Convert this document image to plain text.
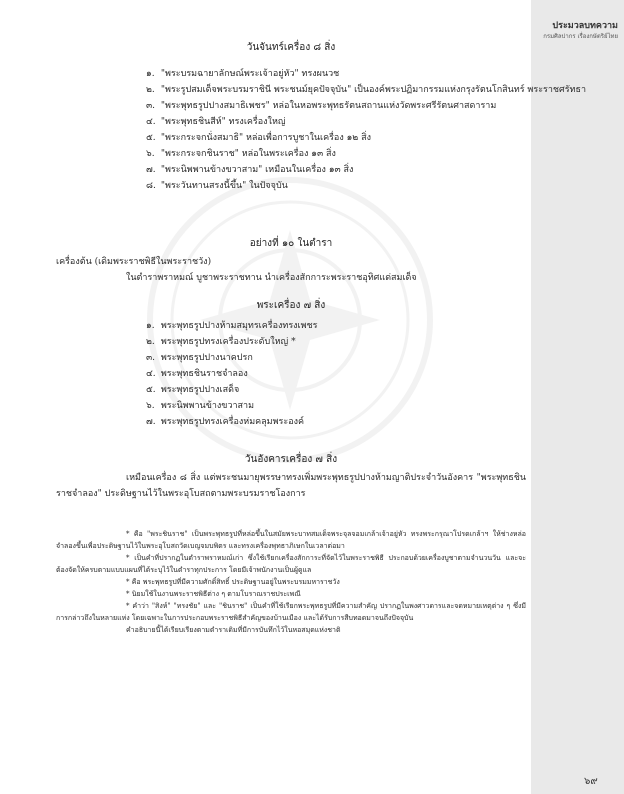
ประมวลบทความ
กรมศิลปากร เรื่องกษัตริย์ไทย
วันจันทร์เครื่อง ๘ สิ่ง
๑. "พระบรมฉายาลักษณ์พระเจ้าอยู่หัว" ทรงผนวช
๒. "พระรูปสมเด็จพระบรมราชินี พระชนม์ยุคปัจจุบัน" เป็นองค์พระปฏิมากรรมแห่งกรุงรัตนโกสินทร์ พระราชศรัทธา
๓. "พระพุทธรูปปางสมาธิเพชร" หล่อในหอพระพุทธรัตนสถานแห่งวัดพระศรีรัตนศาสดาราม
๔. "พระพุทธชินสีห์" ทรงเครื่องใหญ่
๕. "พระกระจกนั่งสมาธิ" หล่อเพื่อการบูชาในเครื่อง ๑๒ สิ่ง
๖. "พระกระจกชินราช" หล่อในพระเครื่อง ๑๓ สิ่ง
๗. "พระนิพพานข้างขวาสาม" เหมือนในเครื่อง ๑๓ สิ่ง
๘. "พระวันทานสรงนี้ขึ้น" ในปัจจุบัน
อย่างที่ ๑๐ ในตำรา
เครื่องต้น (เดิมพระราชพิธีในพระราชวัง)
ในตำราพราหมณ์ บูชาพระราชทาน นำเครื่องสักการะพระราชอุทิศแด่สมเด็จ
พระเครื่อง ๗ สิ่ง
๑. พระพุทธรูปปางห้ามสมุทรเครื่องทรงเพชร
๒. พระพุทธรูปทรงเครื่องประดับใหญ่ *
๓. พระพุทธรูปปางนาคปรก
๔. พระพุทธชินราชจำลอง
๕. พระพุทธรูปปางเสด็จ
๖. พระนิพพานข้างขวาสาม
๗. พระพุทธรูปทรงเครื่องห่มคลุมพระองค์
วันอังคารเครื่อง ๗ สิ่ง
เหมือนเครื่อง ๘ สิ่ง แต่พระชนมายุพรรษาทรงเพิ่มพระพุทธรูปปางห้ามญาติประจำวันอังคาร "พระพุทธชินราชจำลอง" ประดิษฐานไว้ในพระอุโบสถตามพระบรมราชโองการ

* คือ "พระชินราช" เป็นพระพุทธรูปที่หล่อขึ้นในสมัยพระบาทสมเด็จพระจุลจอมเกล้าเจ้าอยู่หัว ทรงพระกรุณาโปรดเกล้าฯ ให้ช่างหล่อจำลองขึ้นเพื่อประดิษฐานไว้ในพระอุโบสถวัดเบญจมบพิตร และทรงเครื่องพุทธาภิเษกในเวลาต่อมา

* เป็นคำที่ปรากฏในตำราพราหมณ์เก่า ซึ่งใช้เรียกเครื่องสักการะที่จัดไว้ในพระราชพิธี ประกอบด้วยเครื่องบูชาตามจำนวนวัน และจะต้องจัดให้ครบตามแบบแผนที่ได้ระบุไว้ในตำราทุกประการ โดยมีเจ้าพนักงานเป็นผู้ดูแล

* คือ พระพุทธรูปที่มีความศักดิ์สิทธิ์ ประดิษฐานอยู่ในพระบรมมหาราชวัง

* นิยมใช้ในงานพระราชพิธีต่าง ๆ ตามโบราณราชประเพณี

* คำว่า "สิงห์" "ทรงชัย" และ "ชินราช" เป็นคำที่ใช้เรียกพระพุทธรูปที่มีความสำคัญ ปรากฏในพงศาวดารและจดหมายเหตุต่าง ๆ ซึ่งมีการกล่าวถึงในหลายแห่ง โดยเฉพาะในการประกอบพระราชพิธีสำคัญของบ้านเมือง และได้รับการสืบทอดมาจนถึงปัจจุบัน

คำอธิบายนี้ได้เรียบเรียงตามตำราเดิมที่มีการบันทึกไว้ในหอสมุดแห่งชาติ

๖๙
